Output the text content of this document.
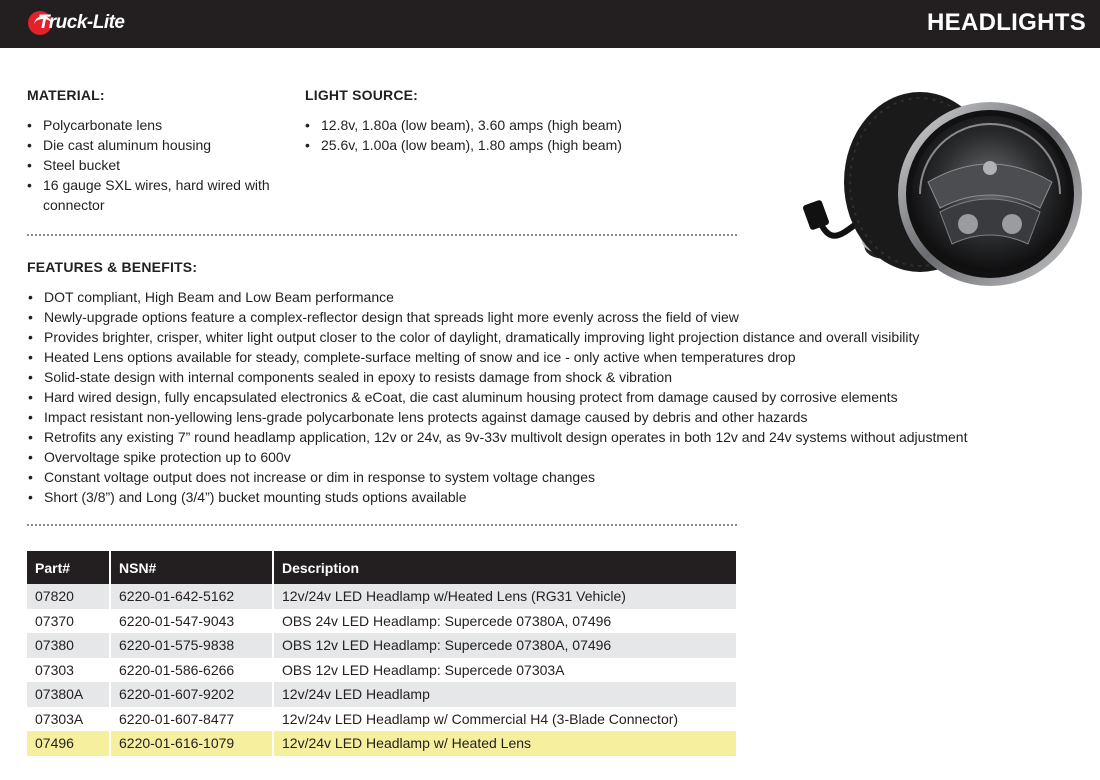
Truck-Lite	HEADLIGHTS
MATERIAL:
• Polycarbonate lens
• Die cast aluminum housing
• Steel bucket
• 16 gauge SXL wires, hard wired with
connector
LIGHT SOURCE:
• 12.8v, 1.80a (low beam), 3.60 amps (high beam)
• 25.6v, 1.00a (low beam), 1.80 amps (high beam)
FEATURES & BENEFITS:
• DOT compliant, High Beam and Low Beam performance
• Newly-upgrade options feature a complex-reflector design that spreads light more evenly across the field of view
• Provides brighter, crisper, whiter light output closer to the color of daylight, dramatically improving light projection distance and overall visibility
• Heated Lens options available for steady, complete-surface melting of snow and ice - only active when temperatures drop
• Solid-state design with internal components sealed in epoxy to resists damage from shock & vibration
• Hard wired design, fully encapsulated electronics & eCoat, die cast aluminum housing protect from damage caused by corrosive elements
• Impact resistant non-yellowing lens-grade polycarbonate lens protects against damage caused by debris and other hazards
• Retrofits any existing 7” round headlamp application, 12v or 24v, as 9v-33v multivolt design operates in both 12v and 24v systems without adjustment
• Overvoltage spike protection up to 600v
• Constant voltage output does not increase or dim in response to system voltage changes
• Short (3/8”) and Long (3/4”) bucket mounting studs options available
Part#	NSN#	Description
07820	6220-01-642-5162	12v/24v LED Headlamp w/Heated Lens (RG31 Vehicle)
07370	6220-01-547-9043	OBS 24v LED Headlamp: Supercede 07380A, 07496
07380	6220-01-575-9838	OBS 12v LED Headlamp: Supercede 07380A, 07496
07303	6220-01-586-6266	OBS 12v LED Headlamp: Supercede 07303A
07380A	6220-01-607-9202	12v/24v LED Headlamp
07303A	6220-01-607-8477	12v/24v LED Headlamp w/ Commercial H4 (3-Blade Connector)
07496	6220-01-616-1079	12v/24v LED Headlamp w/ Heated Lens
